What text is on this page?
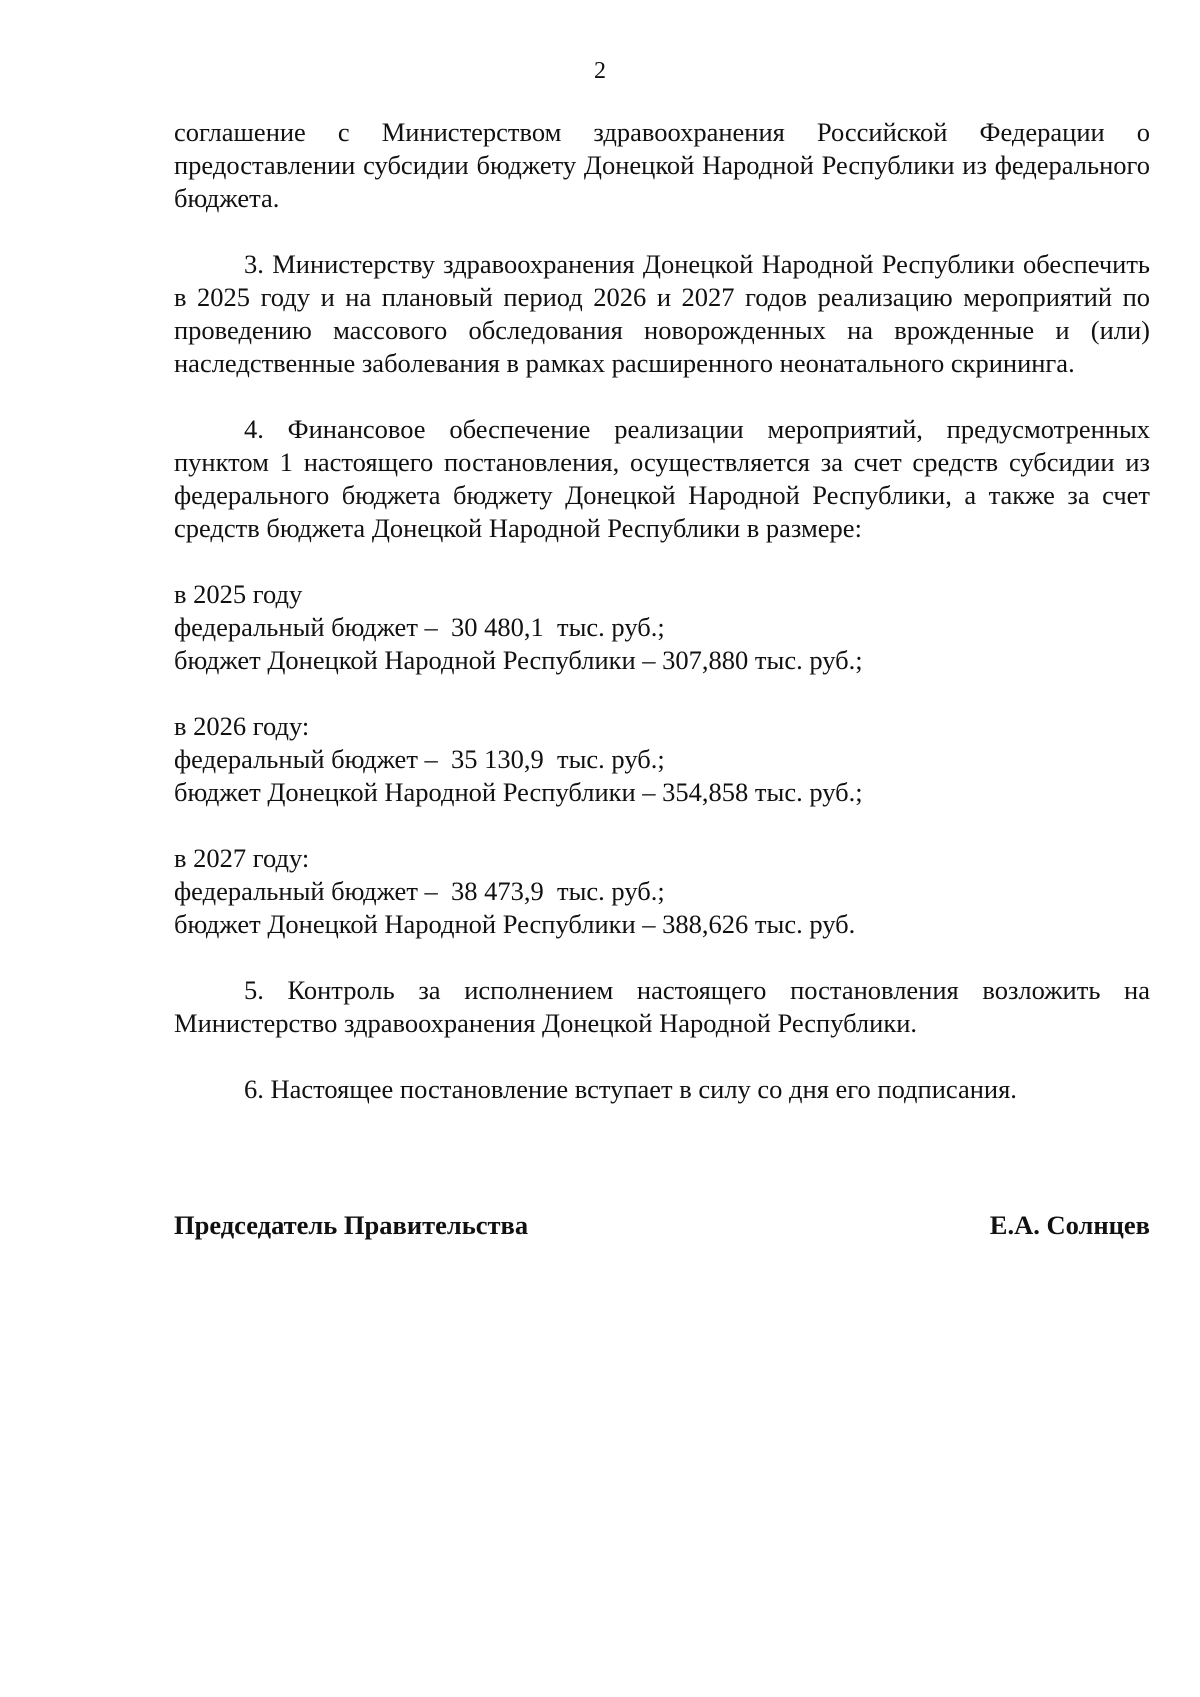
2

соглашение с Министерством здравоохранения Российской Федерации о предоставлении субсидии бюджету Донецкой Народной Республики из федерального бюджета.

3. Министерству здравоохранения Донецкой Народной Республики обеспечить в 2025 году и на плановый период 2026 и 2027 годов реализацию мероприятий по проведению массового обследования новорожденных на врожденные и (или) наследственные заболевания в рамках расширенного неонатального скрининга.

4. Финансовое обеспечение реализации мероприятий, предусмотренных пунктом 1 настоящего постановления, осуществляется за счет средств субсидии из федерального бюджета бюджету Донецкой Народной Республики, а также за счет средств бюджета Донецкой Народной Республики в размере:

в 2025 году
федеральный бюджет –  30 480,1  тыс. руб.;
бюджет Донецкой Народной Республики – 307,880 тыс. руб.;
в 2026 году:
федеральный бюджет –  35 130,9  тыс. руб.;
бюджет Донецкой Народной Республики – 354,858 тыс. руб.;
в 2027 году:
федеральный бюджет –  38 473,9  тыс. руб.;
бюджет Донецкой Народной Республики – 388,626 тыс. руб.

5. Контроль за исполнением настоящего постановления возложить на Министерство здравоохранения Донецкой Народной Республики.

6. Настоящее постановление вступает в силу со дня его подписания.

Председатель Правительства	Е.А. Солнцев
